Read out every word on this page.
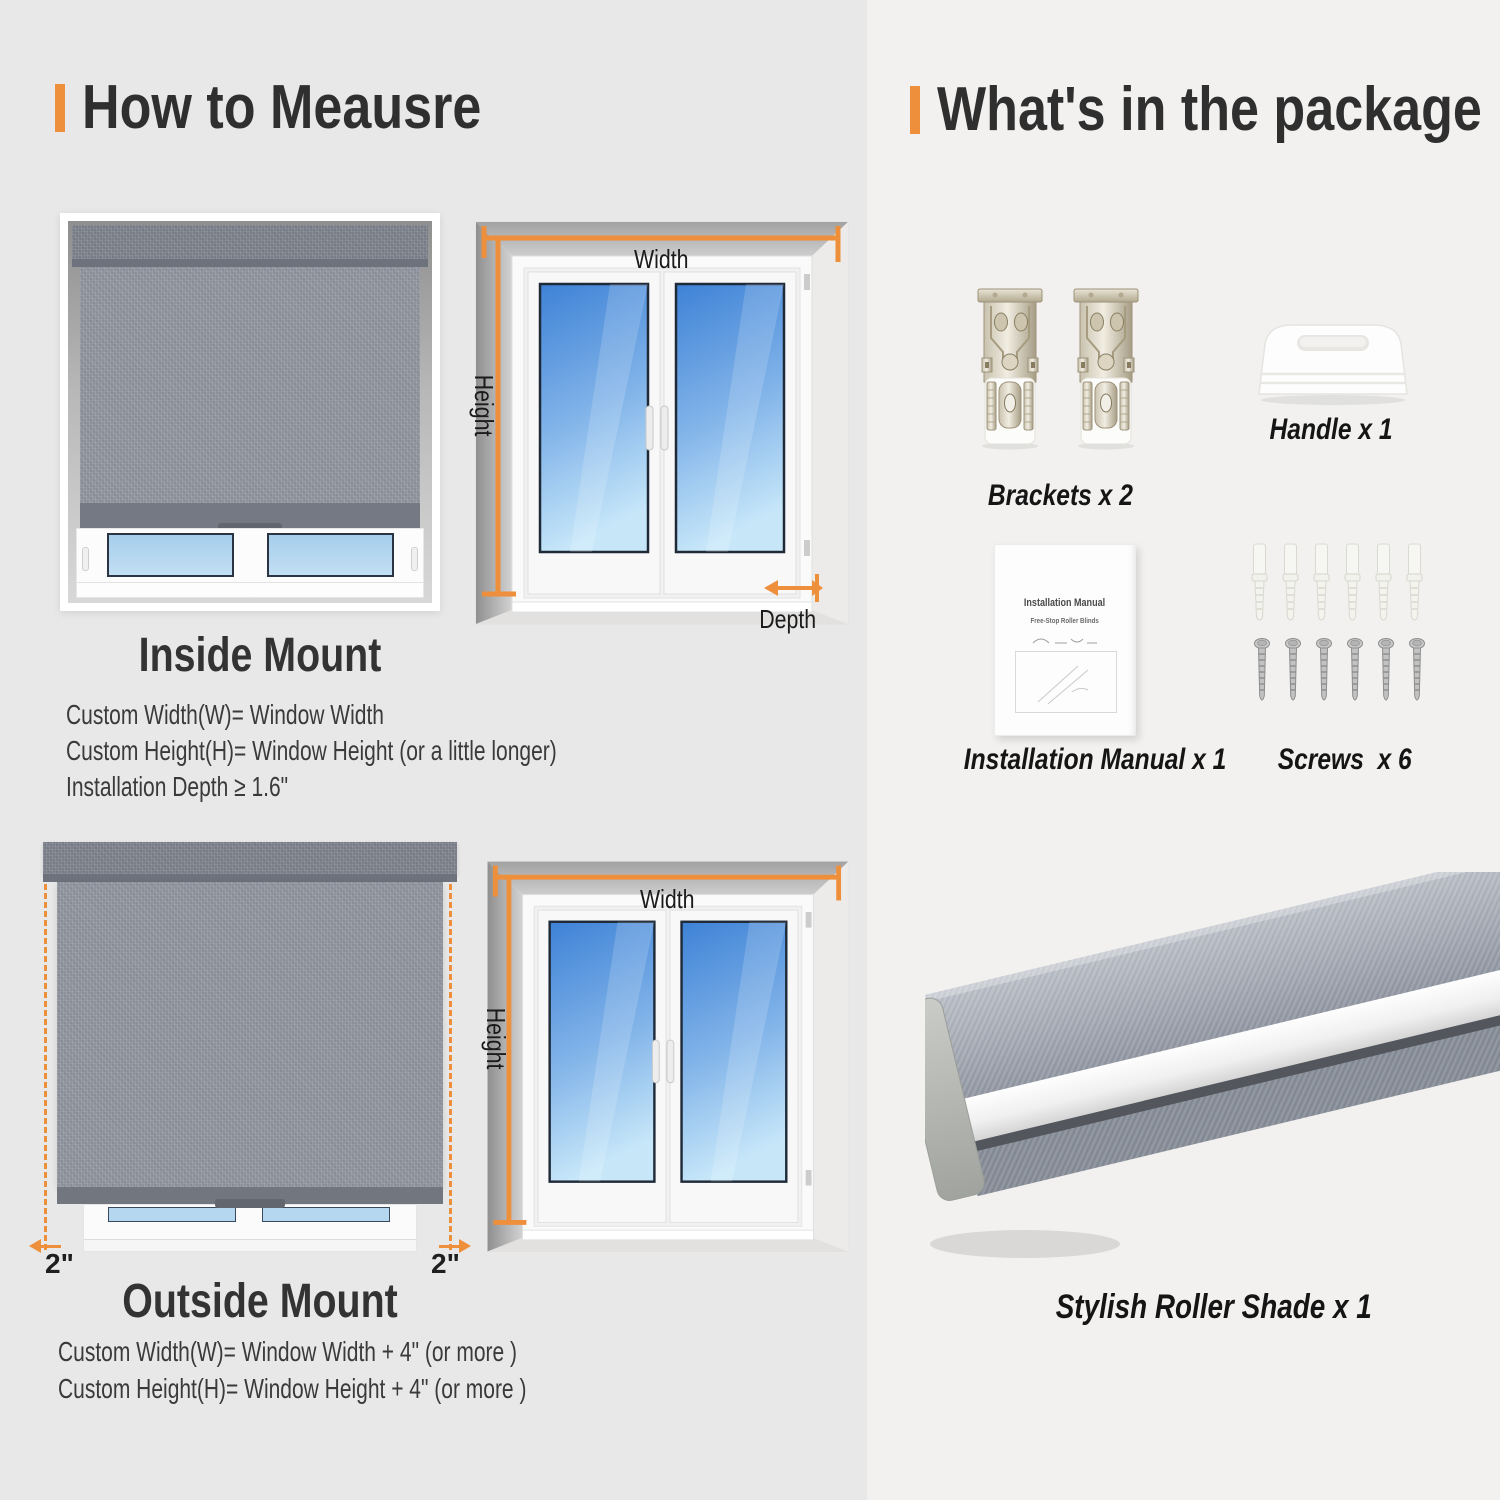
How to Meausre
Width
Height
Depth
Inside Mount
Custom Width(W)= Window Width
Custom Height(H)= Window Height (or a little longer)
Installation Depth ≥ 1.6"
2"	2"
Width
Height
Outside Mount
Custom Width(W)= Window Width + 4" (or more )
Custom Height(H)= Window Height + 4" (or more )
What's in the package
Brackets x 2
Handle x 1
Installation Manual
Free-Stop Roller Blinds
Installation Manual x 1	Screws  x 6
Stylish Roller Shade x 1
